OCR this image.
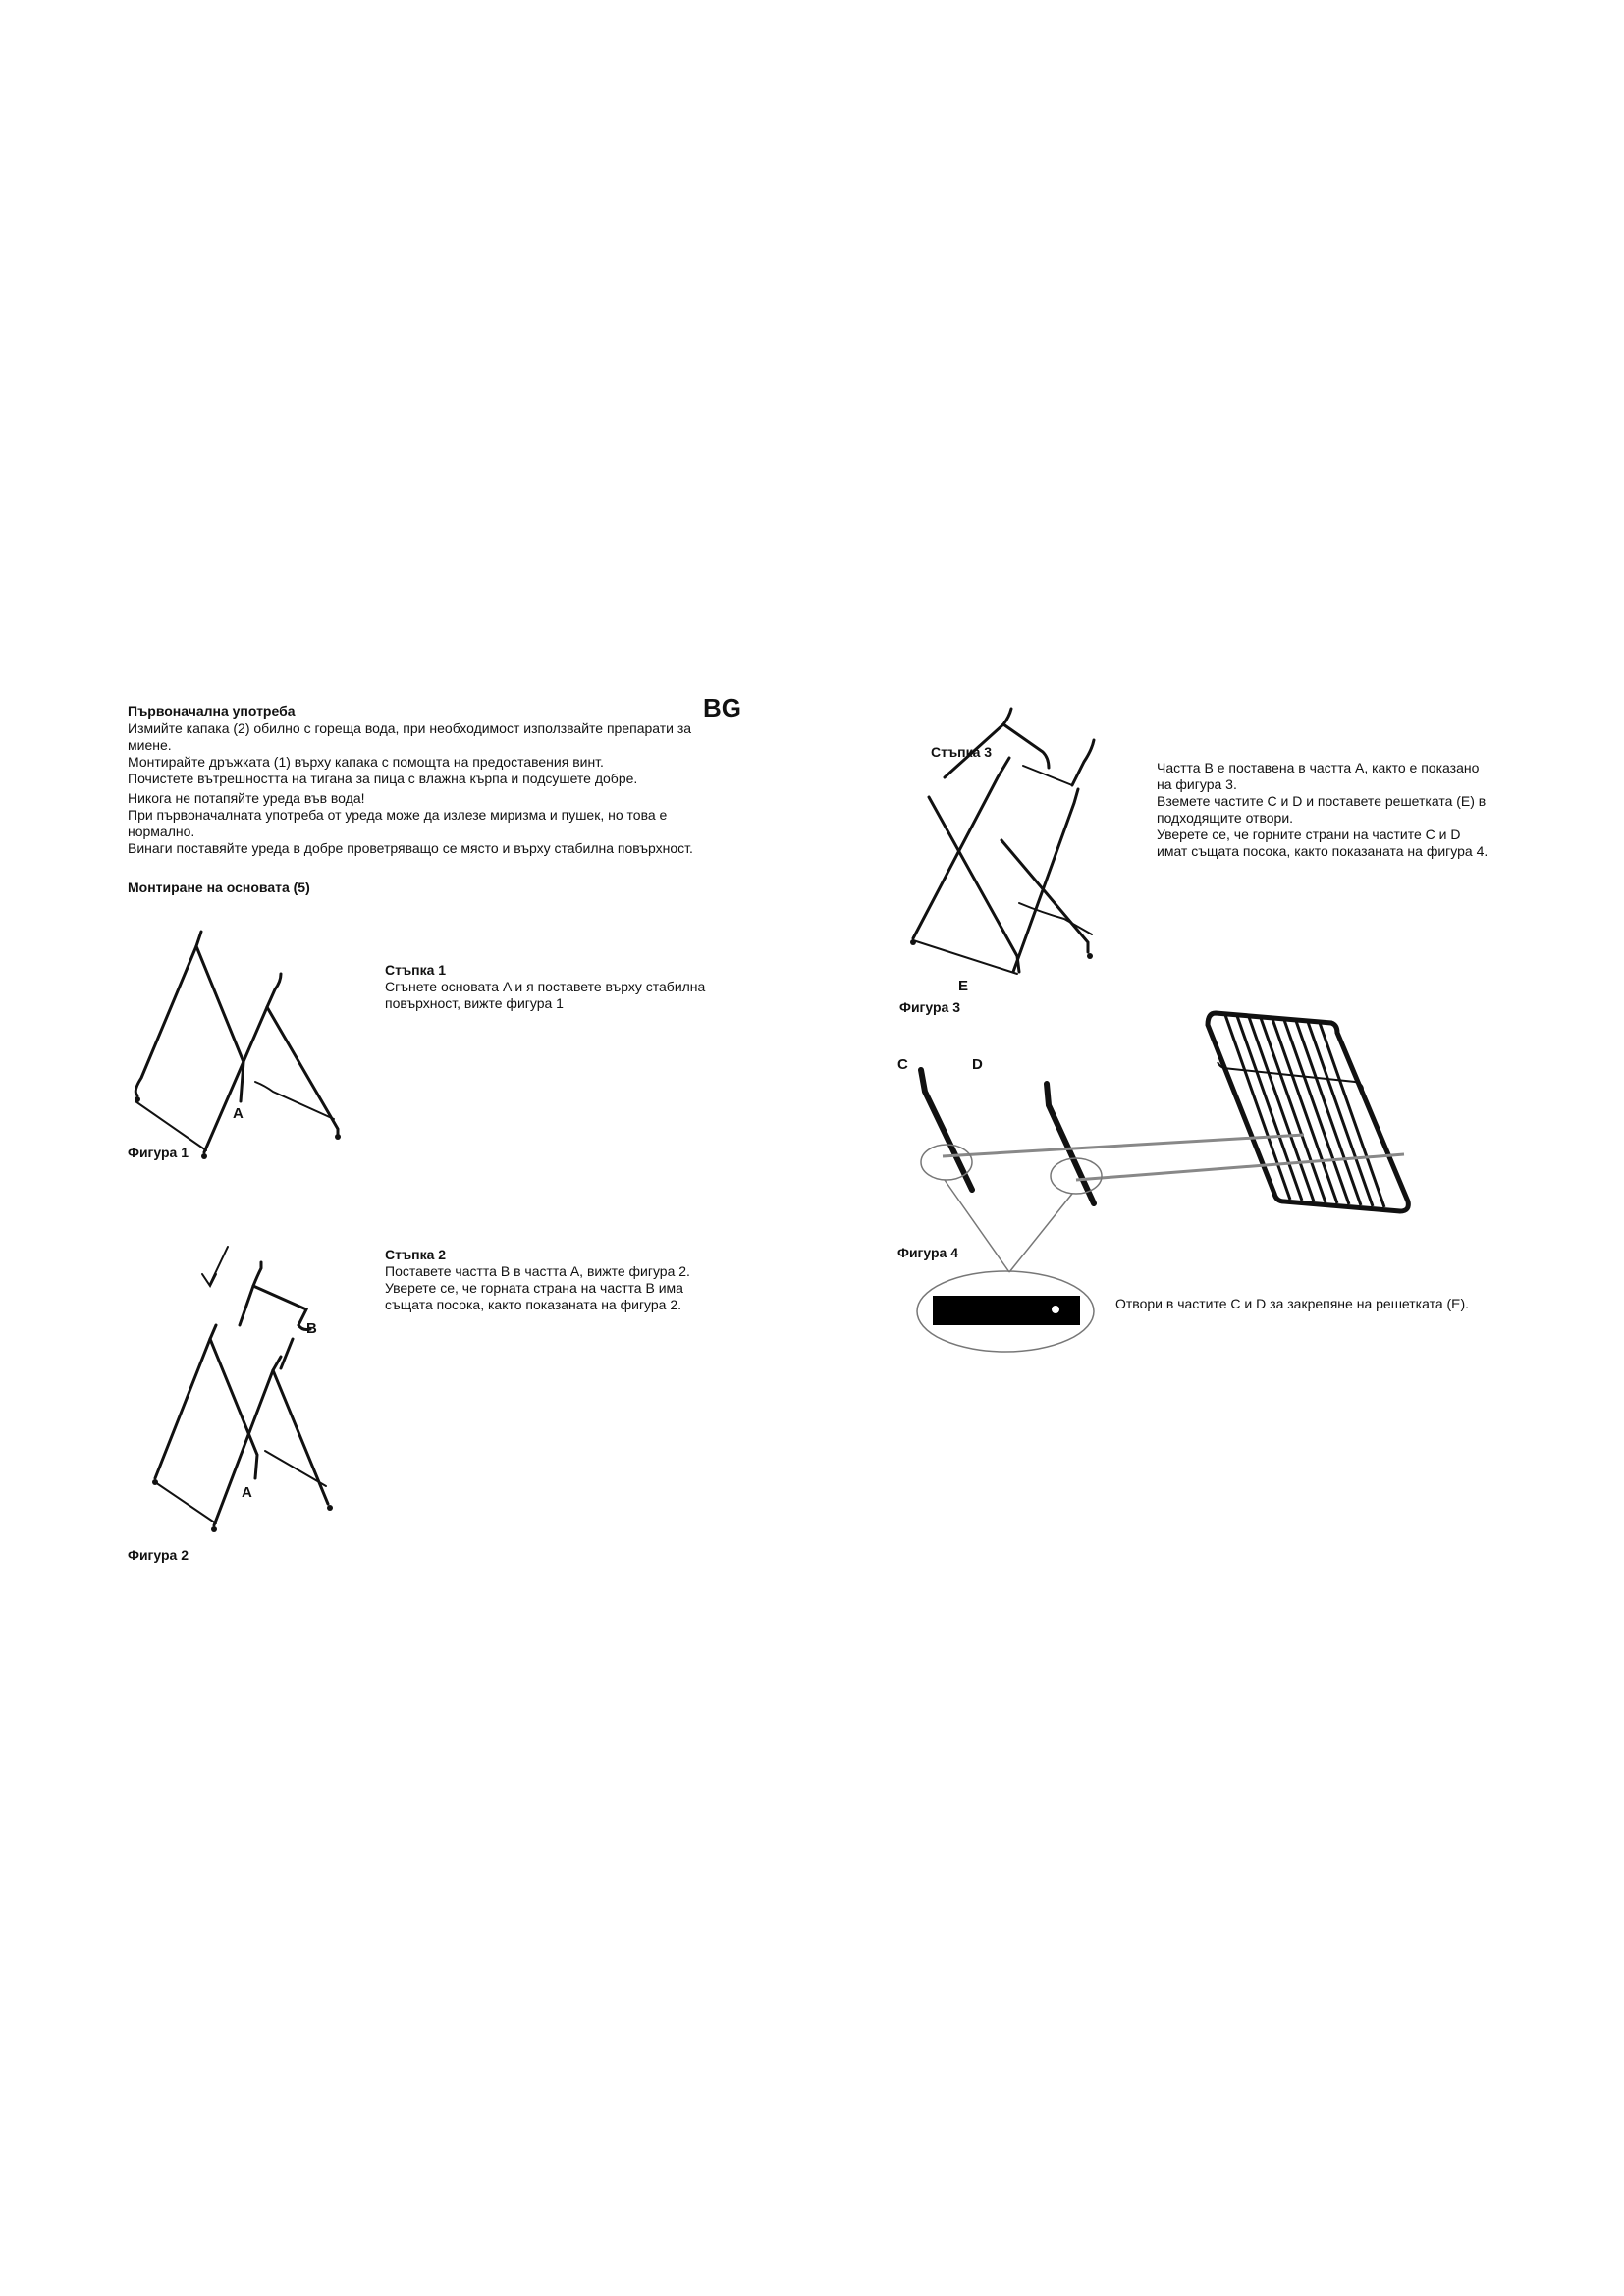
Първоначална употреба	BG
Измийте капака (2) обилно с гореща вода, при необходимост използвайте препарати за
миене.
Монтирайте дръжката (1) върху капака с помощта на предоставения винт.
Почистете вътрешността на тигана за пица с влажна кърпа и подсушете добре.
Никога не потапяйте уреда във вода!
При първоначалната употреба от уреда може да излезе миризма и пушек, но това е
нормално.
Винаги поставяйте уреда в добре проветряващо се място и върху стабилна повърхност.
Монтиране на основата (5)
Стъпка 1
Сгънете основата A и я поставете върху стабилна
повърхност, вижте фигура 1
A
Фигура 1
Стъпка 2
Поставете частта B в частта A, вижте фигура 2.
Уверете се, че горната страна на частта B има
същата посока, както показаната на фигура 2.
B
A
Фигура 2
Стъпка 3
E
Фигура 3
Частта B е поставена в частта A, както е показано
на фигура 3.
Вземете частите C и D и поставете решетката (E) в
подходящите отвори.
Уверете се, че горните страни на частите C и D
имат същата посока, както показаната на фигура 4.
C	D
Фигура 4
Отвори в частите C и D за закрепяне на решетката (E).
